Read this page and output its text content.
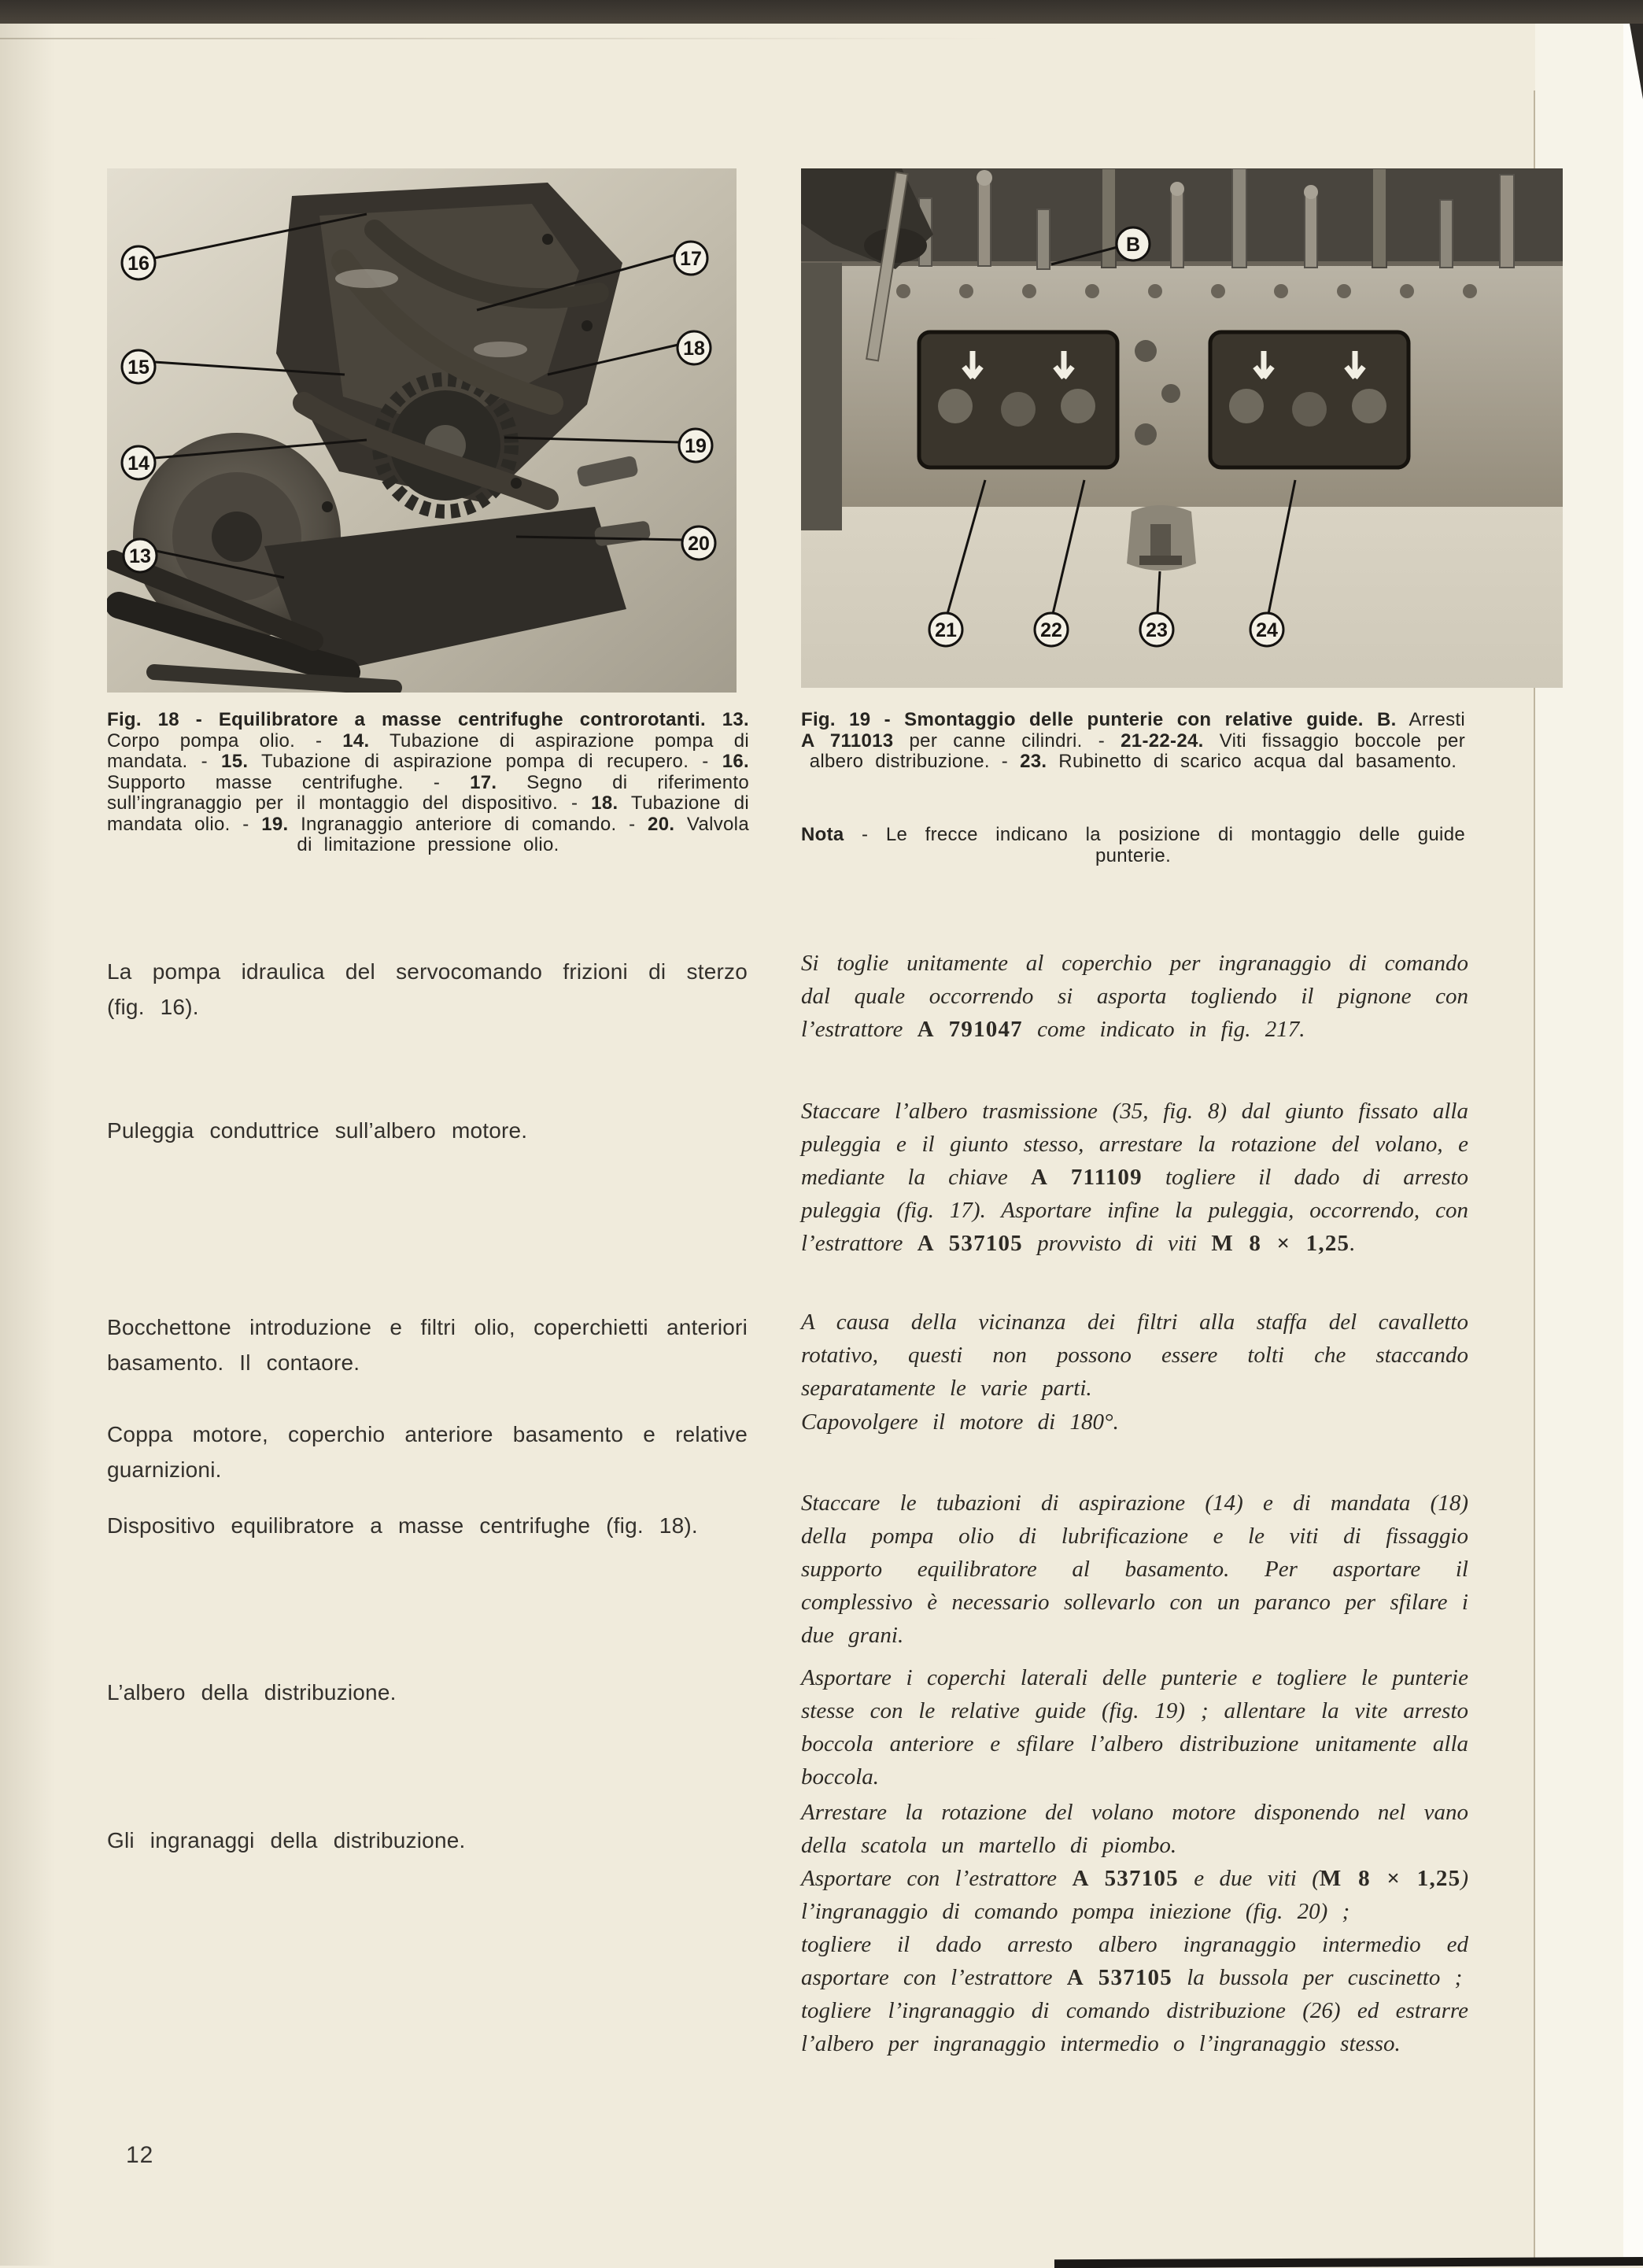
16
15
14
13
17
18
19
20
Fig. 18 - Equilibratore a masse centrifughe controrotanti. 13. Corpo pompa olio. - 14. Tubazione di aspirazione pompa di mandata. - 15. Tubazione di aspirazione pompa di recupero. - 16. Supporto masse centrifughe. - 17. Segno di riferimento sull’ingranaggio per il montaggio del dispositivo. - 18. Tubazione di mandata olio. - 19. Ingranaggio anteriore di comando. - 20. Valvola di limitazione pressione olio.
B
21	22	23	24
Fig. 19 - Smontaggio delle punterie con relative guide. B. Arresti A 711013 per canne cilindri. - 21-22-24. Viti fissaggio boccole per albero distribuzione. - 23. Rubinetto di scarico acqua dal basamento.
Nota - Le frecce indicano la posizione di montaggio delle guide punterie.

La pompa idraulica del servocomando frizioni di sterzo (fig. 16).

Puleggia conduttrice sull’albero motore.

Bocchettone introduzione e filtri olio, coperchietti anteriori basamento. Il contaore.

Coppa motore, coperchio anteriore basamento e relative guarnizioni.

Dispositivo equilibratore a masse centrifughe (fig. 18).

L’albero della distribuzione.

Gli ingranaggi della distribuzione.

Si toglie unitamente al coperchio per ingranaggio di comando dal quale occorrendo si asporta togliendo il pignone con l’estrattore A 791047 come indicato in fig. 217.

Staccare l’albero trasmissione (35, fig. 8) dal giunto fissato alla puleggia e il giunto stesso, arrestare la rotazione del volano, e mediante la chiave A 711109 togliere il dado di arresto puleggia (fig. 17). Asportare infine la puleggia, occorrendo, con l’estrattore A 537105 provvisto di viti M 8 × 1,25.

A causa della vicinanza dei filtri alla staffa del cavalletto rotativo, questi non possono essere tolti che staccando separatamente le varie parti.

Capovolgere il motore di 180°.

Staccare le tubazioni di aspirazione (14) e di mandata (18) della pompa olio di lubrificazione e le viti di fissaggio supporto equilibratore al basamento. Per asportare il complessivo è necessario sollevarlo con un paranco per sfilare i due grani.

Asportare i coperchi laterali delle punterie e togliere le punterie stesse con le relative guide (fig. 19) ; allentare la vite arresto boccola anteriore e sfilare l’albero distribuzione unitamente alla boccola.

Arrestare la rotazione del volano motore disponendo nel vano della scatola un martello di piombo.
Asportare con l’estrattore A 537105 e due viti (M 8 × 1,25) l’ingranaggio di comando pompa iniezione (fig. 20) ;
togliere il dado arresto albero ingranaggio intermedio ed asportare con l’estrattore A 537105 la bussola per cuscinetto ;
togliere l’ingranaggio di comando distribuzione (26) ed estrarre l’albero per ingranaggio intermedio o l’ingranaggio stesso.
12
